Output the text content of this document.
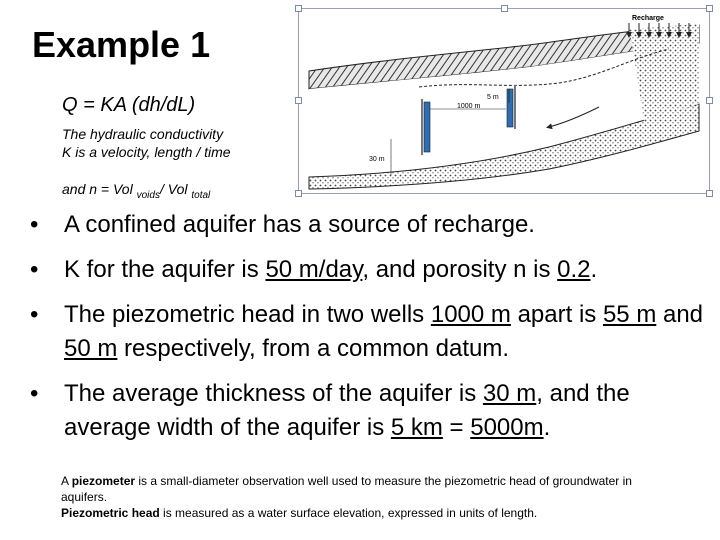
Example 1
Q = KA (dh/dL)
The hydraulic conductivity
K is a velocity, length / time
and n = Vol $_{voids}$/ Vol $_{total}$
Recharge
5 m
1000 m
30 m
• A confined aquifer has a source of recharge.
• K for the aquifer is 50 m/day, and porosity n is 0.2.
• The piezometric head in two wells 1000 m apart is 55 m and 50 m respectively, from a common datum.
• The average thickness of the aquifer is 30 m, and the average width of the aquifer is 5 km = 5000m.
A piezometer is a small-diameter observation well used to measure the piezometric head of groundwater in aquifers.
Piezometric head is measured as a water surface elevation, expressed in units of length.
